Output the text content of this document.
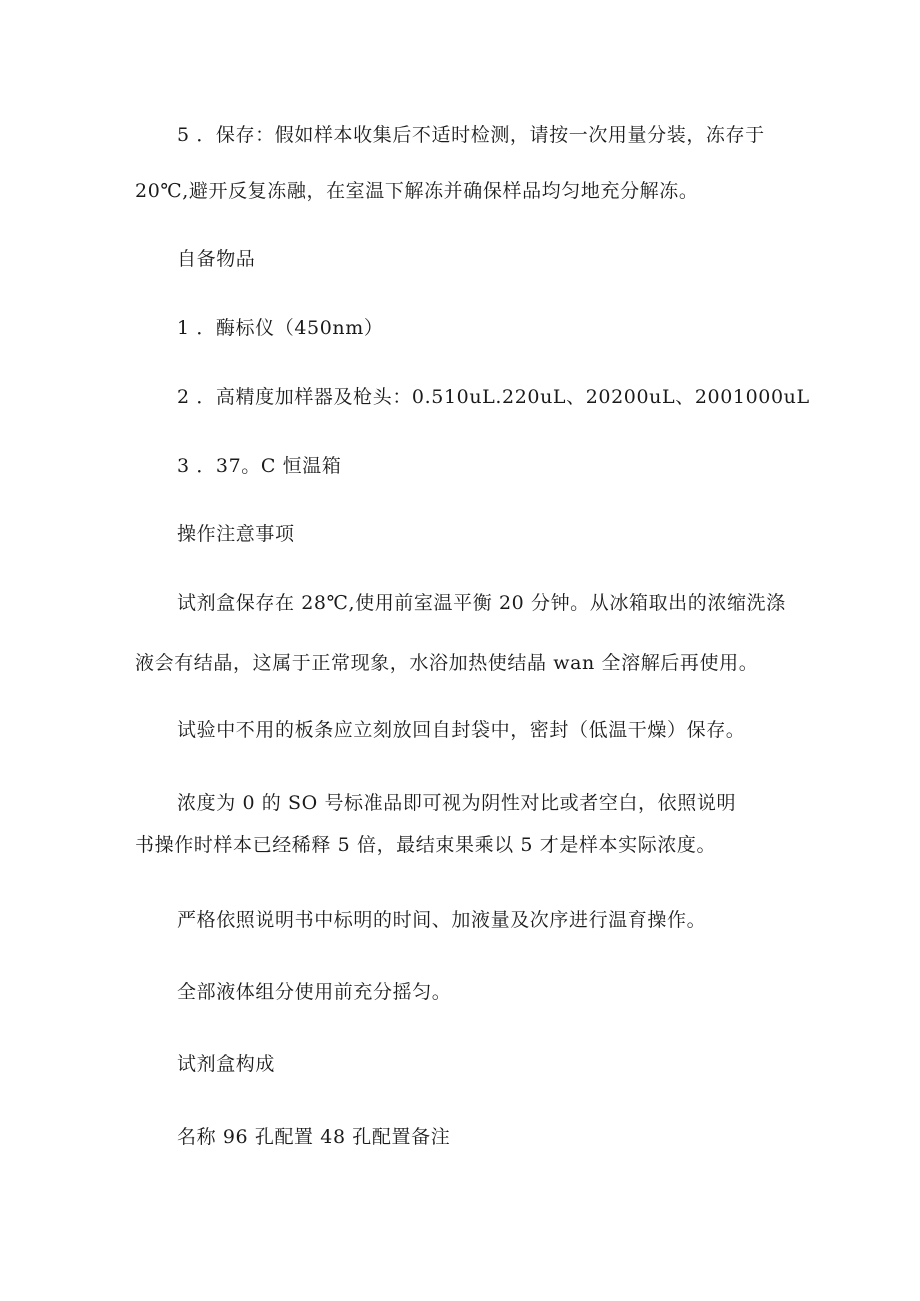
5 ．保存：假如样本收集后不适时检测，请按一次用量分装，冻存于
20℃,避开反复冻融，在室温下解冻并确保样品均匀地充分解冻。
自备物品
1 ．酶标仪（450nm）
2 ．高精度加样器及枪头：0.510uL.220uL、20200uL、2001000uL
3 ．37。C 恒温箱
操作注意事项
试剂盒保存在 28℃,使用前室温平衡 20 分钟。从冰箱取出的浓缩洗涤
液会有结晶，这属于正常现象，水浴加热使结晶 wan 全溶解后再使用。
试验中不用的板条应立刻放回自封袋中，密封（低温干燥）保存。
浓度为 0 的 SO 号标准品即可视为阴性对比或者空白，依照说明
书操作时样本已经稀释 5 倍，最结束果乘以 5 才是样本实际浓度。
严格依照说明书中标明的时间、加液量及次序进行温育操作。
全部液体组分使用前充分摇匀。
试剂盒构成
名称 96 孔配置 48 孔配置备注
